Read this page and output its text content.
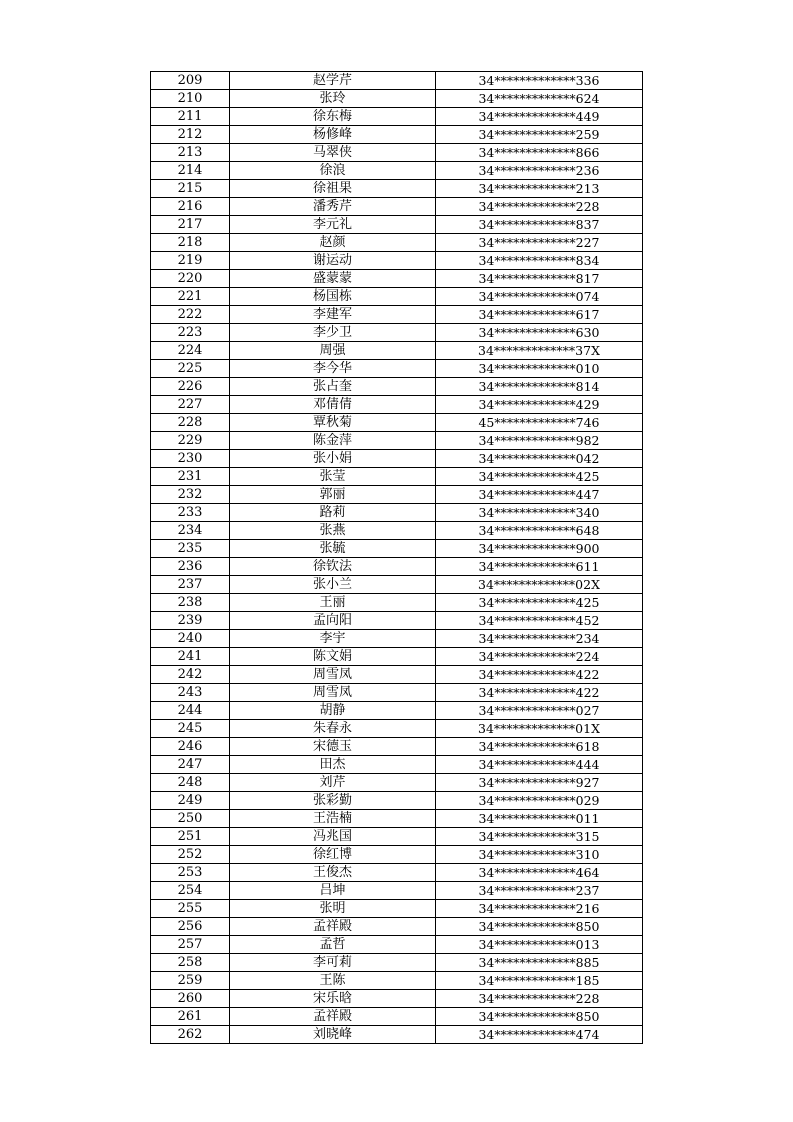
209	赵学芹	34*************336
210	张玲	34*************624
211	徐东梅	34*************449
212	杨修峰	34*************259
213	马翠侠	34*************866
214	徐浪	34*************236
215	徐祖果	34*************213
216	潘秀芹	34*************228
217	李元礼	34*************837
218	赵颜	34*************227
219	谢运动	34*************834
220	盛蒙蒙	34*************817
221	杨国栋	34*************074
222	李建军	34*************617
223	李少卫	34*************630
224	周强	34*************37X
225	李今华	34*************010
226	张占奎	34*************814
227	邓倩倩	34*************429
228	覃秋菊	45*************746
229	陈金萍	34*************982
230	张小娟	34*************042
231	张莹	34*************425
232	郭丽	34*************447
233	路莉	34*************340
234	张燕	34*************648
235	张毓	34*************900
236	徐钦法	34*************611
237	张小兰	34*************02X
238	王丽	34*************425
239	孟向阳	34*************452
240	李宇	34*************234
241	陈文娟	34*************224
242	周雪凤	34*************422
243	周雪凤	34*************422
244	胡静	34*************027
245	朱春永	34*************01X
246	宋德玉	34*************618
247	田杰	34*************444
248	刘芹	34*************927
249	张彩勤	34*************029
250	王浩楠	34*************011
251	冯兆国	34*************315
252	徐红博	34*************310
253	王俊杰	34*************464
254	吕坤	34*************237
255	张明	34*************216
256	孟祥殿	34*************850
257	孟哲	34*************013
258	李可莉	34*************885
259	王陈	34*************185
260	宋乐晗	34*************228
261	孟祥殿	34*************850
262	刘晓峰	34*************474
